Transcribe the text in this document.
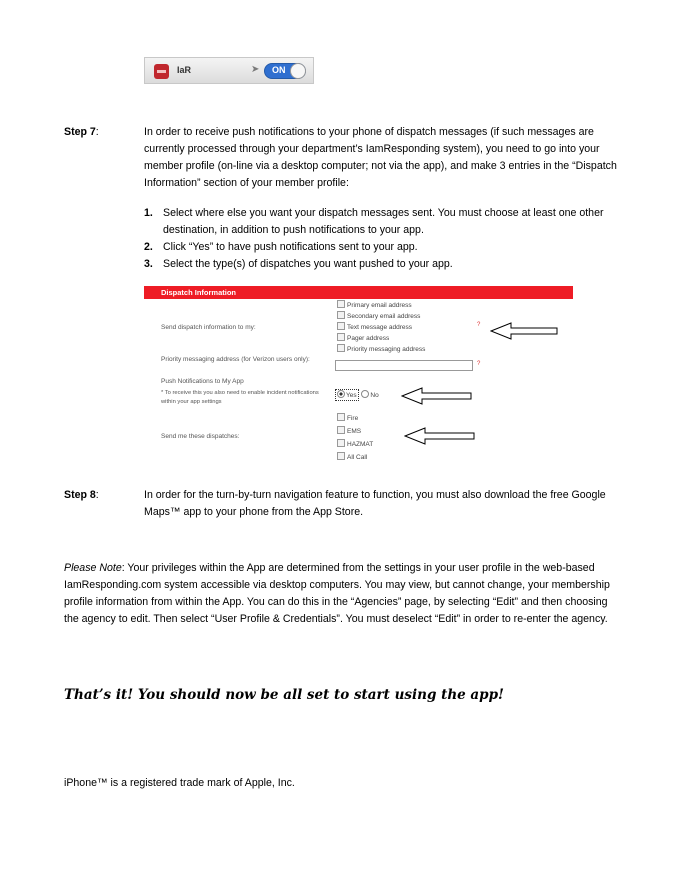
IaR	➤ ON
Step 7:	In order to receive push notifications to your phone of dispatch messages (if such messages are currently processed through your department’s IamResponding system), you need to go into your member profile (on-line via a desktop computer; not via the app), and make 3 entries in the “Dispatch Information” section of your member profile:
1. Select where else you want your dispatch messages sent. You must choose at least one other destination, in addition to push notifications to your app.
2. Click “Yes” to have push notifications sent to your app.
3. Select the type(s) of dispatches you want pushed to your app.
Dispatch Information
Send dispatch information to my:
Primary email address
Secondary email address
Text message address
Pager address
Priority messaging address
?
Priority messaging address (for Verizon users only):
?
Push Notifications to My App
* To receive this you also need to enable incident notifications within your app settings
Yes No
Send me these dispatches:
Fire
EMS
HAZMAT
All Call
Step 8:	In order for the turn-by-turn navigation feature to function, you must also download the free Google Maps™ app to your phone from the App Store.
Please Note: Your privileges within the App are determined from the settings in your user profile in the web-based IamResponding.com system accessible via desktop computers. You may view, but cannot change, your membership profile information from within the App. You can do this in the “Agencies” page, by selecting “Edit” and then choosing the agency to edit. Then select “User Profile & Credentials”. You must deselect “Edit” in order to re-enter the agency.
That’s it! You should now be all set to start using the app!
iPhone™ is a registered trade mark of Apple, Inc.
